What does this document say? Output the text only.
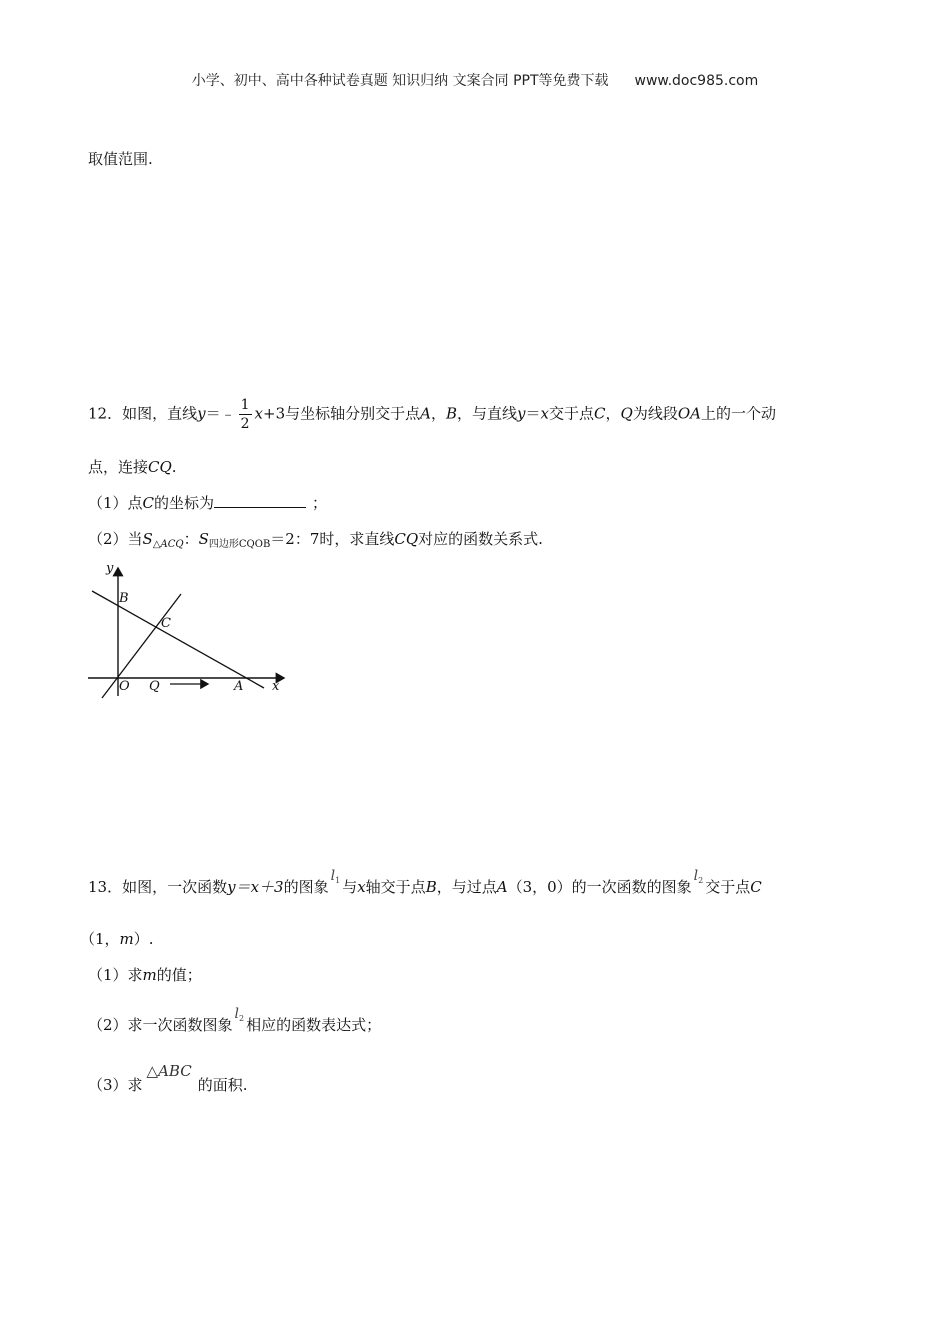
小学、初中、高中各种试卷真题 知识归纳 文案合同 PPT等免费下载 www.doc985.com
取值范围.
12．如图，直线y＝﹣ $\frac{1}{2} x+3$与坐标轴分别交于点A，B，与直线y＝x交于点C，Q为线段OA上的一个动
点，连接CQ.
（1）点C的坐标为	；
（2）当$S_{\triangle ACQ}$：$S_{四边形CQOB}=2$：7时，求直线CQ对应的函数关系式.
y
x
B
C
O Q	A
13．如图，一次函数y＝x＋3的图象$l_1$ 与x轴交于点B，与过点A（3，0）的一次函数的图象$l_2$ 交于点C
（1，m）.
（1）求m的值；
（2）求一次函数图象$l_2$ 相应的函数表达式；
（3）求△ABC的面积.
